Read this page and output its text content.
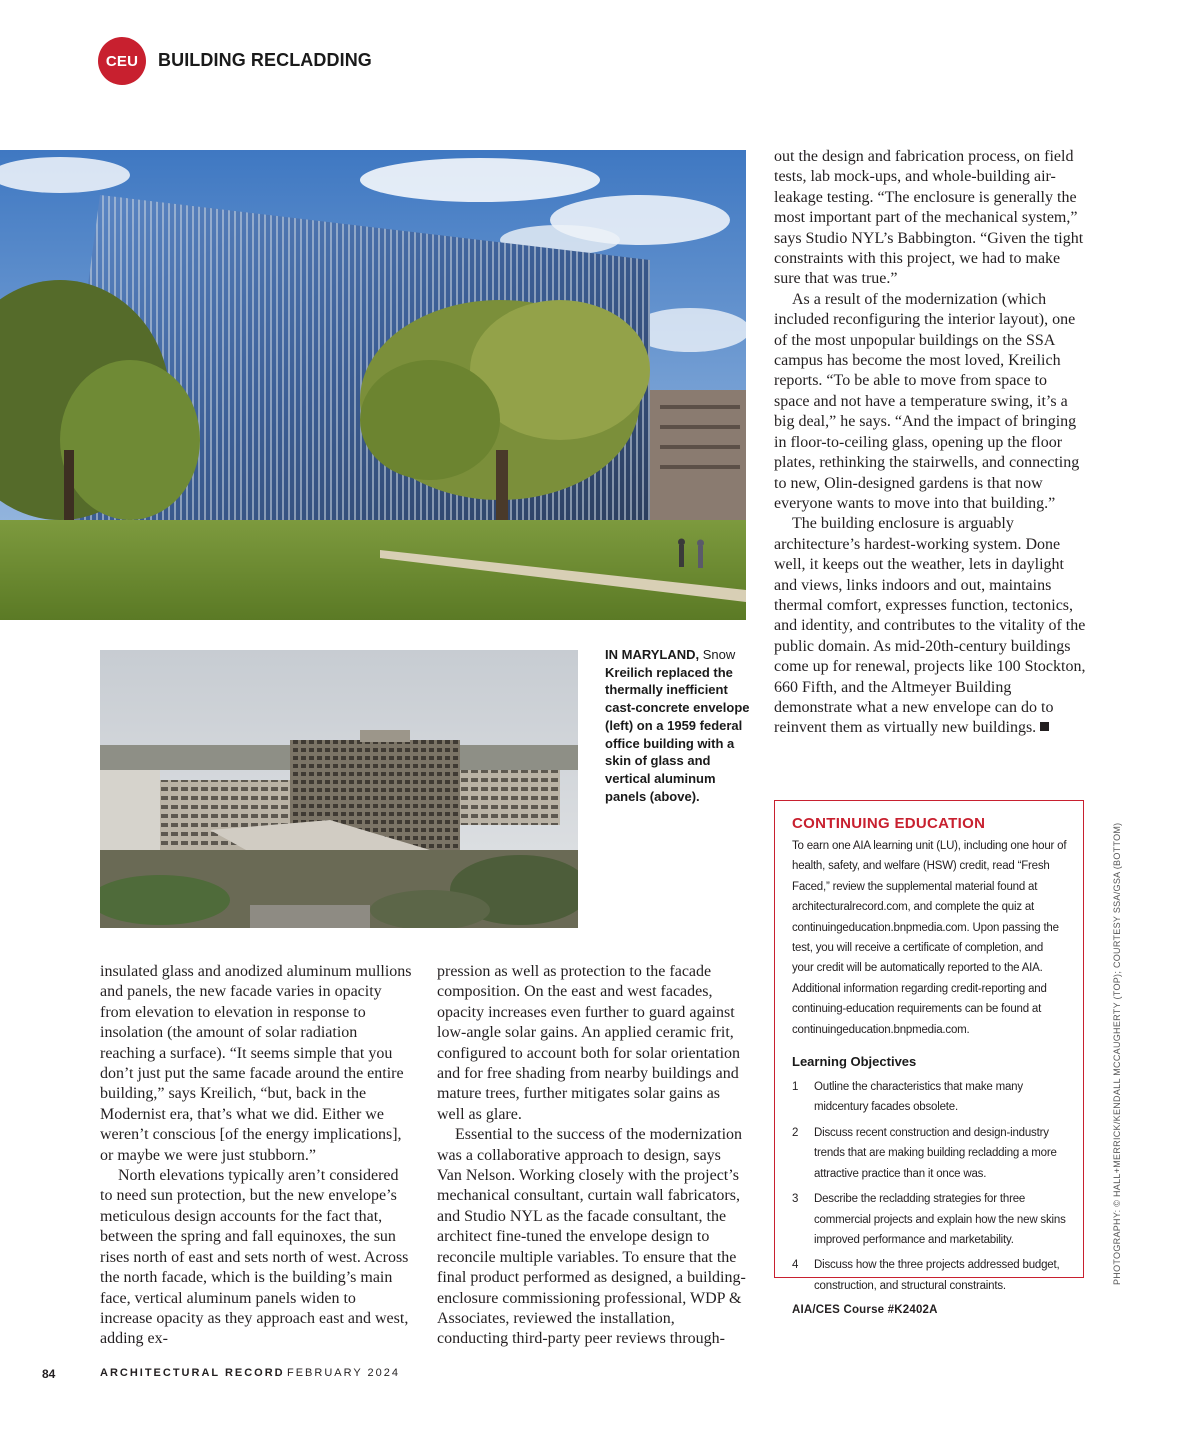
CEU	BUILDING RECLADDING
IN MARYLAND, Snow Kreilich replaced the thermally inefficient cast-concrete envelope (left) on a 1959 federal office building with a skin of glass and vertical aluminum panels (above).

out the design and fabrication process, on field tests, lab mock-ups, and whole-building air-leakage testing. “The enclosure is generally the most important part of the mechanical system,” says Studio NYL’s Babbington. “Given the tight constraints with this project, we had to make sure that was true.”

As a result of the modernization (which included reconfiguring the interior layout), one of the most unpopular buildings on the SSA campus has become the most loved, Kreilich reports. “To be able to move from space to space and not have a temperature swing, it’s a big deal,” he says. “And the impact of bringing in floor-to-ceiling glass, opening up the floor plates, rethinking the stairwells, and connecting to new, Olin-designed gardens is that now everyone wants to move into that building.”

The building enclosure is arguably architecture’s hardest-working system. Done well, it keeps out the weather, lets in daylight and views, links indoors and out, maintains thermal comfort, expresses function, tectonics, and identity, and contributes to the vitality of the public domain. As mid-20th-century buildings come up for renewal, projects like 100 Stockton, 660 Fifth, and the Altmeyer Building demonstrate what a new envelope can do to reinvent them as virtually new buildings.

CONTINUING EDUCATION
To earn one AIA learning unit (LU), including one hour of health, safety, and welfare (HSW) credit, read “Fresh Faced,” review the supplemental material found at architecturalrecord.com, and complete the quiz at continuingeducation.bnpmedia.com. Upon passing the test, you will receive a certificate of completion, and your credit will be automatically reported to the AIA. Additional information regarding credit-reporting and continuing-education requirements can be found at continuingeducation.bnpmedia.com.
Learning Objectives
1	Outline the characteristics that make many midcentury facades obsolete.
2	Discuss recent construction and design-industry trends that are making building recladding a more attractive practice than it once was.
3	Describe the recladding strategies for three commercial projects and explain how the new skins improved performance and marketability.
4	Discuss how the three projects addressed budget, construction, and structural constraints.
AIA/CES Course #K2402A
PHOTOGRAPHY: © HALL+MERRICK/KENDALL MCCAUGHERTY (TOP); COURTESY SSA/GSA (BOTTOM)

insulated glass and anodized aluminum mullions and panels, the new facade varies in opacity from elevation to elevation in response to insolation (the amount of solar radiation reaching a surface). “It seems simple that you don’t just put the same facade around the entire building,” says Kreilich, “but, back in the Modernist era, that’s what we did. Either we weren’t conscious [of the energy implications], or maybe we were just stubborn.”

North elevations typically aren’t considered to need sun protection, but the new envelope’s meticulous design accounts for the fact that, between the spring and fall equinoxes, the sun rises north of east and sets north of west. Across the north facade, which is the building’s main face, vertical aluminum panels widen to increase opacity as they approach east and west, adding ex-

pression as well as protection to the facade composition. On the east and west facades, opacity increases even further to guard against low-angle solar gains. An applied ceramic frit, configured to account both for solar orientation and for free shading from nearby buildings and mature trees, further mitigates solar gains as well as glare.

Essential to the success of the modernization was a collaborative approach to design, says Van Nelson. Working closely with the project’s mechanical consultant, curtain wall fabricators, and Studio NYL as the facade consultant, the architect fine-tuned the envelope design to reconcile multiple variables. To ensure that the final product performed as designed, a building-enclosure commissioning professional, WDP & Associates, reviewed the installation, conducting third-party peer reviews through-

84	ARCHITECTURAL RECORD FEBRUARY 2024
